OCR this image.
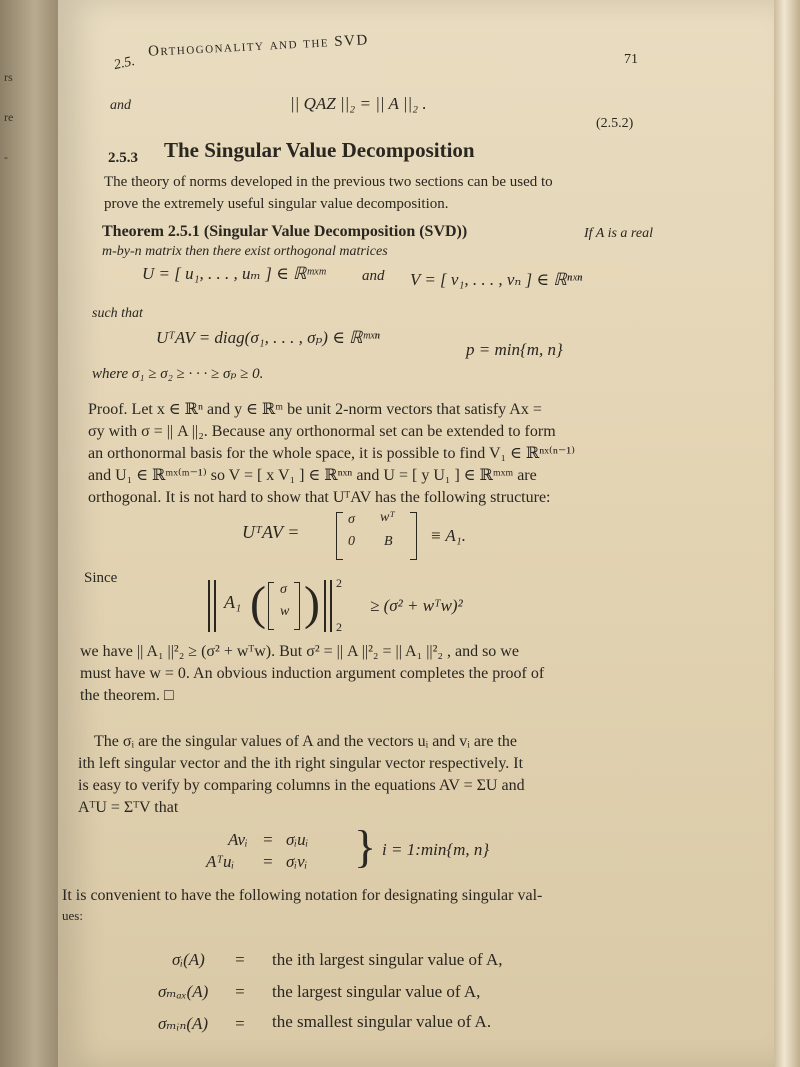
rs
re
-
2.5.
Orthogonality and the SVD	71
and	|| QAZ ||₂ = || A ||₂ .
(2.5.2)
2.5.3 The Singular Value Decomposition
The theory of norms developed in the previous two sections can be used to
prove the extremely useful singular value decomposition.
Theorem 2.5.1 (Singular Value Decomposition (SVD))	If A is a real
m-by-n matrix then there exist orthogonal matrices
U = [ u₁, . . . , uₘ ] ∈ ℝᵐˣᵐ and V = [ v₁, . . . , vₙ ] ∈ ℝⁿˣⁿ
such that
UᵀAV = diag(σ₁, . . . , σₚ) ∈ ℝᵐˣⁿ
p = min{m, n}
where σ₁ ≥ σ₂ ≥ · · · ≥ σₚ ≥ 0.
Proof. Let x ∈ ℝⁿ and y ∈ ℝᵐ be unit 2-norm vectors that satisfy Ax =
σy with σ = || A ||₂. Because any orthonormal set can be extended to form
an orthonormal basis for the whole space, it is possible to find V₁ ∈ ℝⁿˣ⁽ⁿ⁻¹⁾
and U₁ ∈ ℝᵐˣ⁽ᵐ⁻¹⁾ so V = [ x V₁ ] ∈ ℝⁿˣⁿ and U = [ y U₁ ] ∈ ℝᵐˣᵐ are
orthogonal. It is not hard to show that UᵀAV has the following structure:
UᵀAV =
σ wᵀ
0 B ≡ A₁.
Since
A₁ ( σ
w ) 2
2
≥ (σ² + wᵀw)²
we have || A₁ ||²₂ ≥ (σ² + wᵀw). But σ² = || A ||²₂ = || A₁ ||²₂ , and so we
must have w = 0. An obvious induction argument completes the proof of
the theorem. □
The σᵢ are the singular values of A and the vectors uᵢ and vᵢ are the
ith left singular vector and the ith right singular vector respectively. It
is easy to verify by comparing columns in the equations AV = ΣU and
AᵀU = ΣᵀV that
Avᵢ = σᵢuᵢ
Aᵀuᵢ = σᵢvᵢ } i = 1:min{m, n}
It is convenient to have the following notation for designating singular val-
ues:
σᵢ(A) = the ith largest singular value of A,
σₘₐₓ(A) = the largest singular value of A,
σₘᵢₙ(A) = the smallest singular value of A.
